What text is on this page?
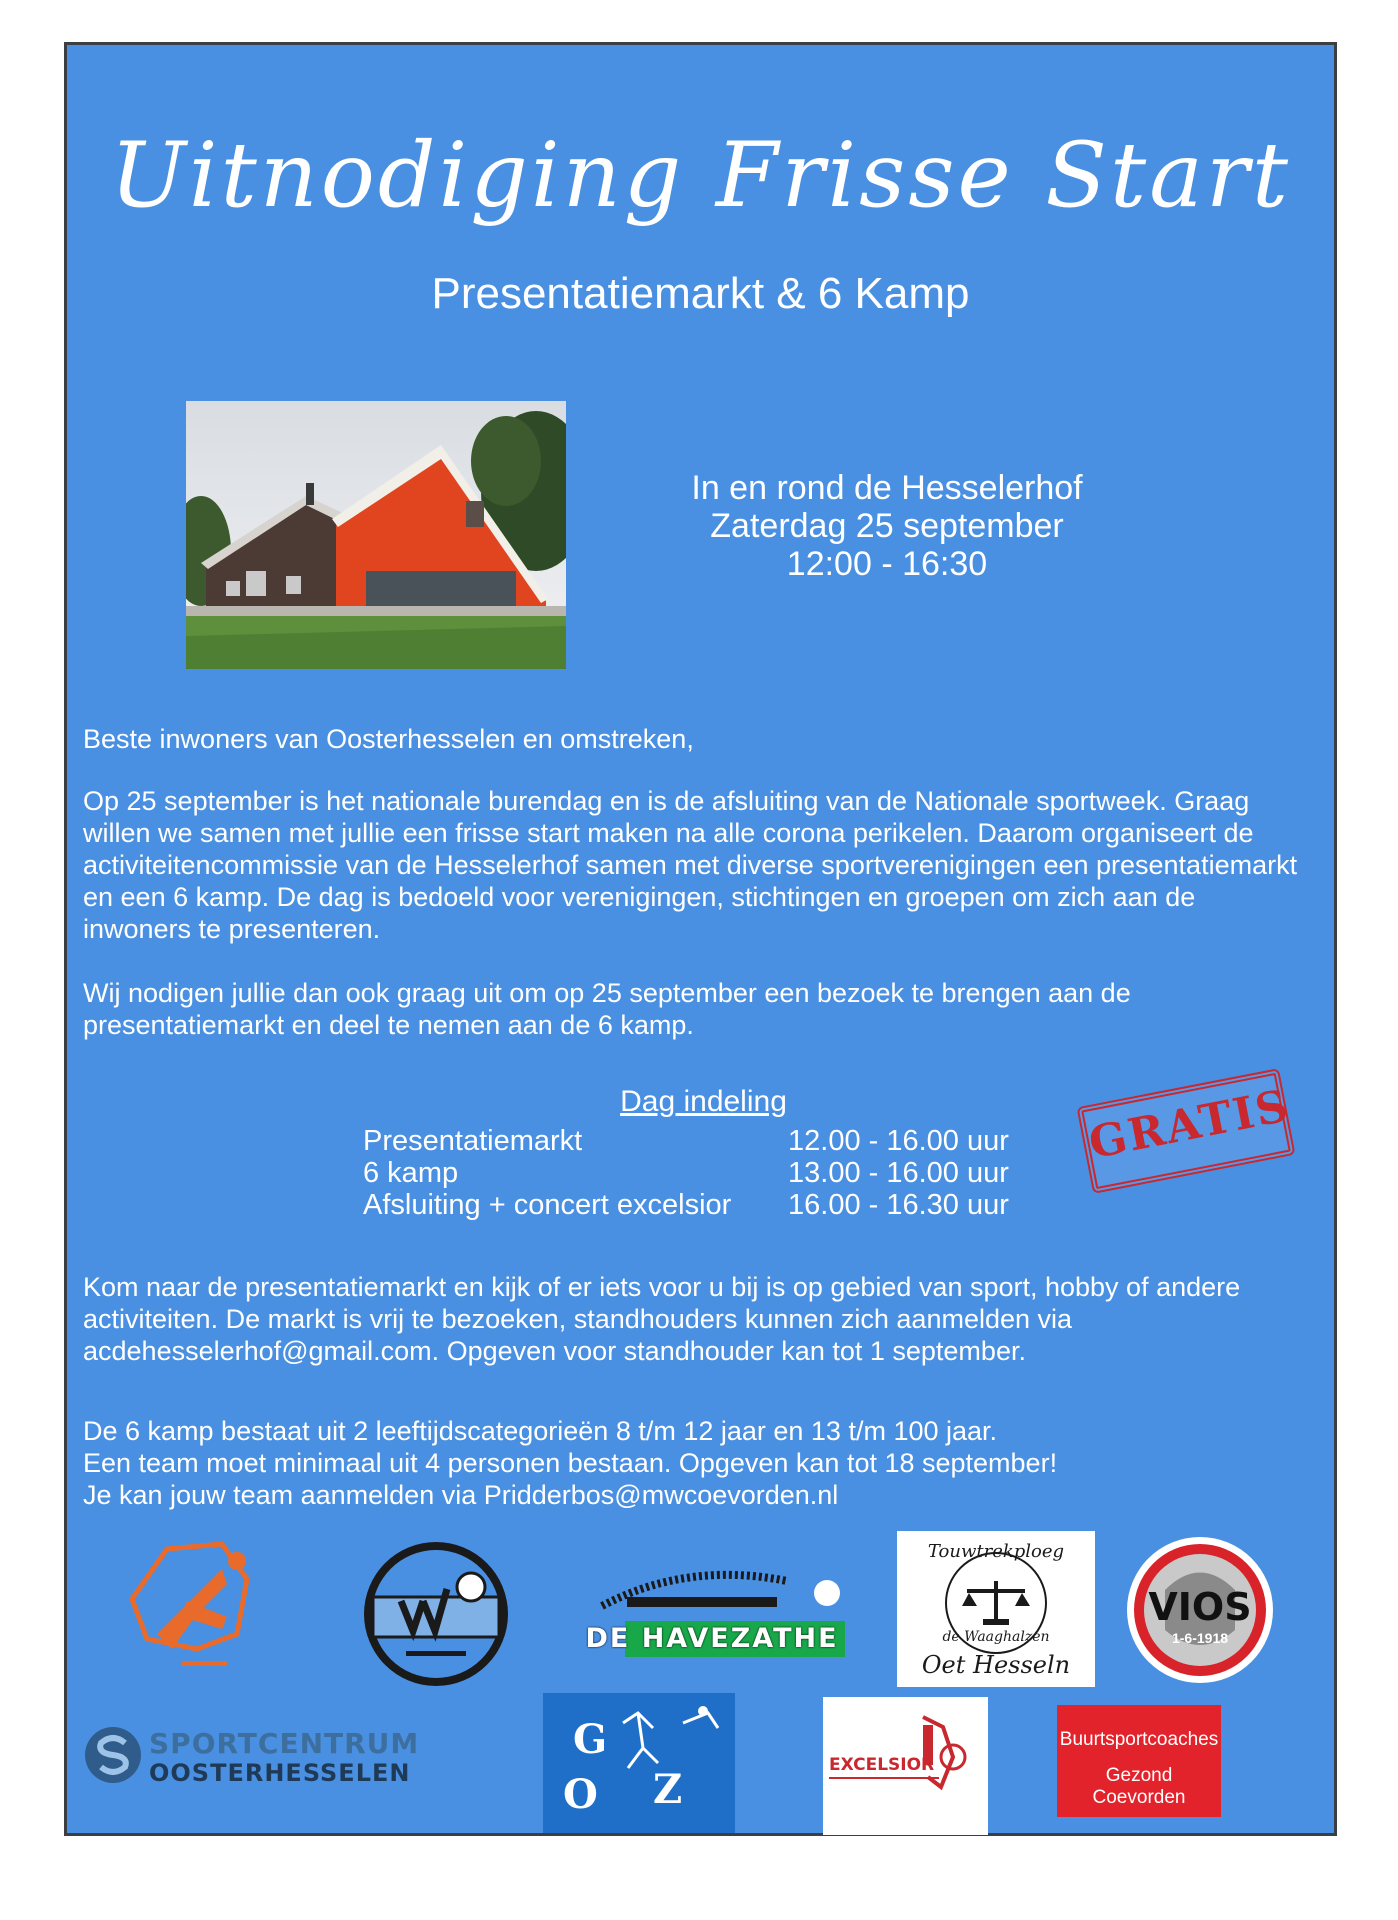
Uitnodiging Frisse Start
Presentatiemarkt & 6 Kamp
In en rond de Hesselerhof
Zaterdag 25 september
12:00 - 16:30
Beste inwoners van Oosterhesselen en omstreken,
Op 25 september is het nationale burendag en is de afsluiting van de Nationale sportweek. Graag willen we samen met jullie een frisse start maken na alle corona perikelen. Daarom organiseert de activiteitencommissie van de Hesselerhof samen met diverse sportverenigingen een presentatiemarkt en een 6 kamp. De dag is bedoeld voor verenigingen, stichtingen en groepen om zich aan de inwoners te presenteren.
Wij nodigen jullie dan ook graag uit om op 25 september een bezoek te brengen aan de presentatiemarkt en deel te nemen aan de 6 kamp.
Dag indeling
Presentatiemarkt	12.00 - 16.00 uur
6 kamp	13.00 - 16.00 uur
Afsluiting + concert excelsior	16.00 - 16.30 uur
GRATIS
Kom naar de presentatiemarkt en kijk of er iets voor u bij is op gebied van sport, hobby of andere activiteiten. De markt is vrij te bezoeken, standhouders kunnen zich aanmelden via acdehesselerhof@gmail.com. Opgeven voor standhouder kan tot 1 september.
De 6 kamp bestaat uit 2 leeftijdscategorieën 8 t/m 12 jaar en 13 t/m 100 jaar.
Een team moet minimaal uit 4 personen bestaan. Opgeven kan tot 18 september!
Je kan jouw team aanmelden via Pridderbos@mwcoevorden.nl
DE HAVEZATHE
Touwtrekploeg
de Waaghalzen
Oet Hesseln
VIOS
1-6-1918
SPORTCENTRUM
OOSTERHESSELEN
G
O Z
EXCELSIOR
Buurtsportcoaches
Gezond Coevorden
